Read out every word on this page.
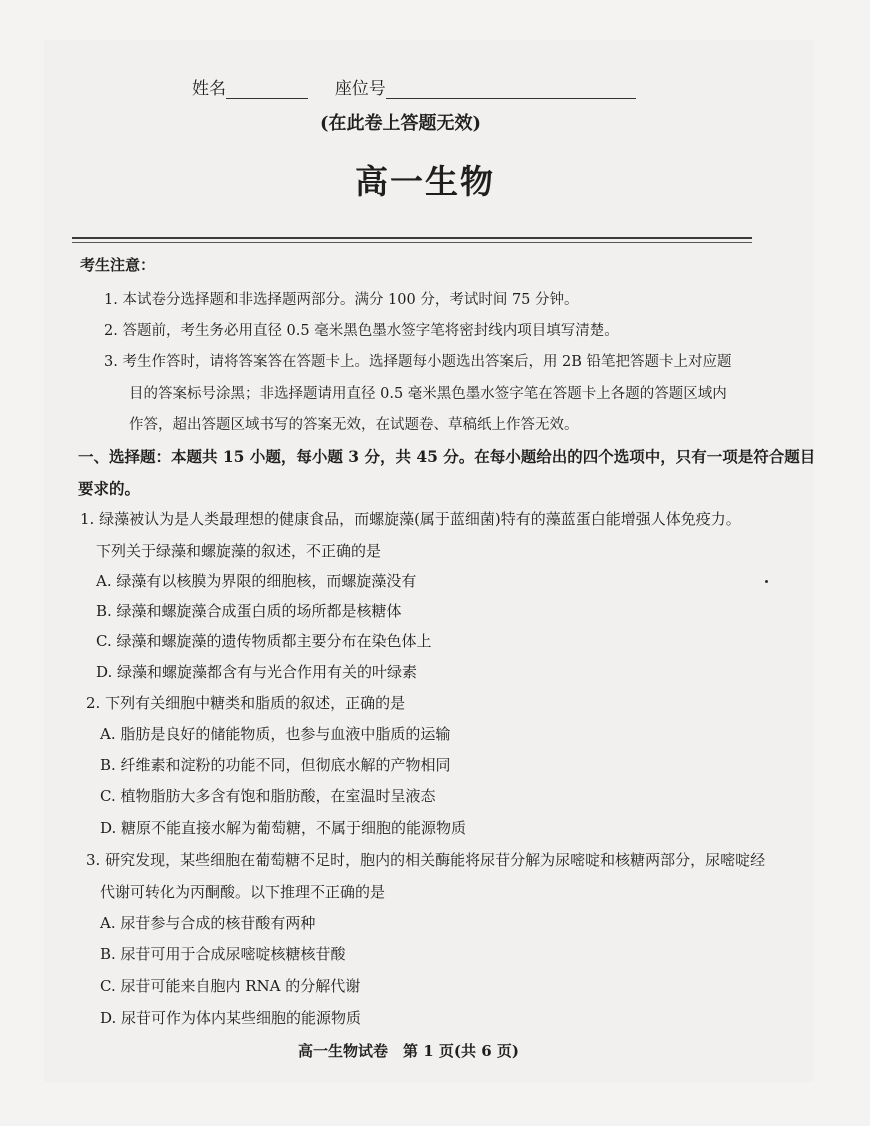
姓名	座位号
(在此卷上答题无效)
高一生物
考生注意：
1. 本试卷分选择题和非选择题两部分。满分 100 分，考试时间 75 分钟。
2. 答题前，考生务必用直径 0.5 毫米黑色墨水签字笔将密封线内项目填写清楚。
3. 考生作答时，请将答案答在答题卡上。选择题每小题选出答案后，用 2B 铅笔把答题卡上对应题
目的答案标号涂黑；非选择题请用直径 0.5 毫米黑色墨水签字笔在答题卡上各题的答题区域内
作答，超出答题区域书写的答案无效，在试题卷、草稿纸上作答无效。
一、选择题：本题共 15 小题，每小题 3 分，共 45 分。在每小题给出的四个选项中，只有一项是符合题目
要求的。
1. 绿藻被认为是人类最理想的健康食品，而螺旋藻(属于蓝细菌)特有的藻蓝蛋白能增强人体免疫力。
下列关于绿藻和螺旋藻的叙述，不正确的是
A. 绿藻有以核膜为界限的细胞核，而螺旋藻没有
B. 绿藻和螺旋藻合成蛋白质的场所都是核糖体
C. 绿藻和螺旋藻的遗传物质都主要分布在染色体上
D. 绿藻和螺旋藻都含有与光合作用有关的叶绿素
2. 下列有关细胞中糖类和脂质的叙述，正确的是
A. 脂肪是良好的储能物质，也参与血液中脂质的运输
B. 纤维素和淀粉的功能不同，但彻底水解的产物相同
C. 植物脂肪大多含有饱和脂肪酸，在室温时呈液态
D. 糖原不能直接水解为葡萄糖，不属于细胞的能源物质
3. 研究发现，某些细胞在葡萄糖不足时，胞内的相关酶能将尿苷分解为尿嘧啶和核糖两部分，尿嘧啶经
代谢可转化为丙酮酸。以下推理不正确的是
A. 尿苷参与合成的核苷酸有两种
B. 尿苷可用于合成尿嘧啶核糖核苷酸
C. 尿苷可能来自胞内 RNA 的分解代谢
D. 尿苷可作为体内某些细胞的能源物质
高一生物试卷　第 1 页(共 6 页)
